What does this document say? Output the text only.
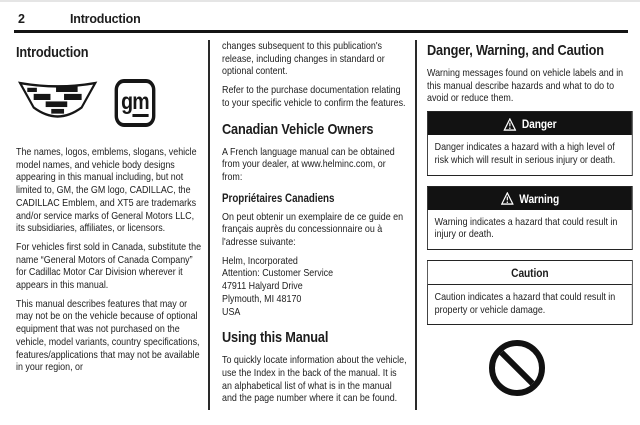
2	Introduction
Introduction
gm

The names, logos, emblems, slogans, vehicle model names, and vehicle body designs appearing in this manual including, but not limited to, GM, the GM logo, CADILLAC, the CADILLAC Emblem, and XT5 are trademarks and/or service marks of General Motors LLC, its subsidiaries, affiliates, or licensors.

For vehicles first sold in Canada, substitute the name “General Motors of Canada Company” for Cadillac Motor Car Division wherever it appears in this manual.

This manual describes features that may or may not be on the vehicle because of optional equipment that was not purchased on the vehicle, model variants, country specifications, features/applications that may not be available in your region, or

changes subsequent to this publication's release, including changes in standard or optional content.

Refer to the purchase documentation relating to your specific vehicle to confirm the features.

Canadian Vehicle Owners

A French language manual can be obtained from your dealer, at www.helminc.com, or from:

Propriétaires Canadiens

On peut obtenir un exemplaire de ce guide en français auprès du concessionnaire ou à l'adresse suivante:

Helm, Incorporated
Attention: Customer Service
47911 Halyard Drive
Plymouth, MI 48170
USA
Using this Manual

To quickly locate information about the vehicle, use the Index in the back of the manual. It is an alphabetical list of what is in the manual and the page number where it can be found.

Danger, Warning, and Caution

Warning messages found on vehicle labels and in this manual describe hazards and what to do to avoid or reduce them.

Danger
Danger indicates a hazard with a high level of risk which will result in serious injury or death.
Warning
Warning indicates a hazard that could result in injury or death.
Caution
Caution indicates a hazard that could result in property or vehicle damage.
